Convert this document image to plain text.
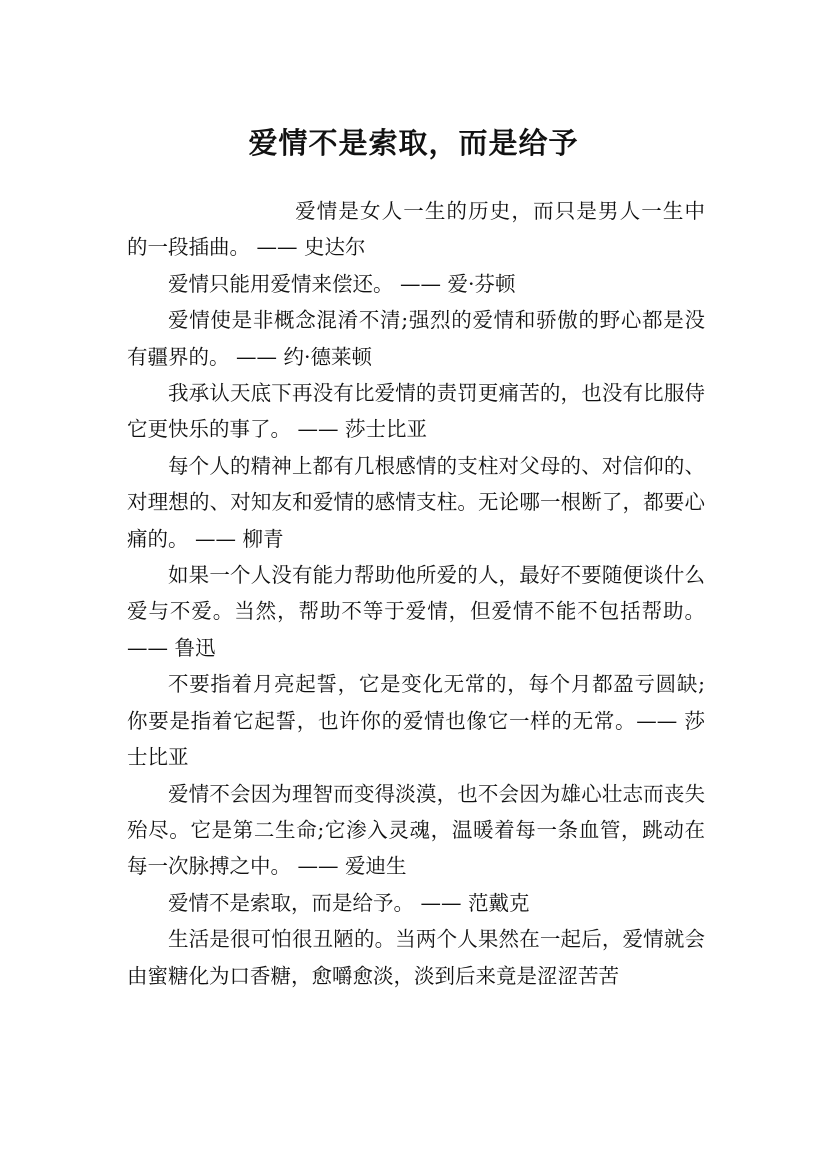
爱情不是索取，而是给予

爱情是女人一生的历史，而只是男人一生中的一段插曲。 —— 史达尔

爱情只能用爱情来偿还。 —— 爱·芬顿

爱情使是非概念混淆不清;强烈的爱情和骄傲的野心都是没有疆界的。 —— 约·德莱顿

我承认天底下再没有比爱情的责罚更痛苦的，也没有比服侍它更快乐的事了。 —— 莎士比亚

每个人的精神上都有几根感情的支柱对父母的、对信仰的、对理想的、对知友和爱情的感情支柱。无论哪一根断了，都要心痛的。 —— 柳青

如果一个人没有能力帮助他所爱的人，最好不要随便谈什么爱与不爱。当然，帮助不等于爱情，但爱情不能不包括帮助。 —— 鲁迅

不要指着月亮起誓，它是变化无常的，每个月都盈亏圆缺;你要是指着它起誓，也许你的爱情也像它一样的无常。—— 莎士比亚

爱情不会因为理智而变得淡漠，也不会因为雄心壮志而丧失殆尽。它是第二生命;它渗入灵魂，温暖着每一条血管，跳动在每一次脉搏之中。 —— 爱迪生

爱情不是索取，而是给予。 —— 范戴克

生活是很可怕很丑陋的。当两个人果然在一起后，爱情就会由蜜糖化为口香糖，愈嚼愈淡，淡到后来竟是涩涩苦苦
